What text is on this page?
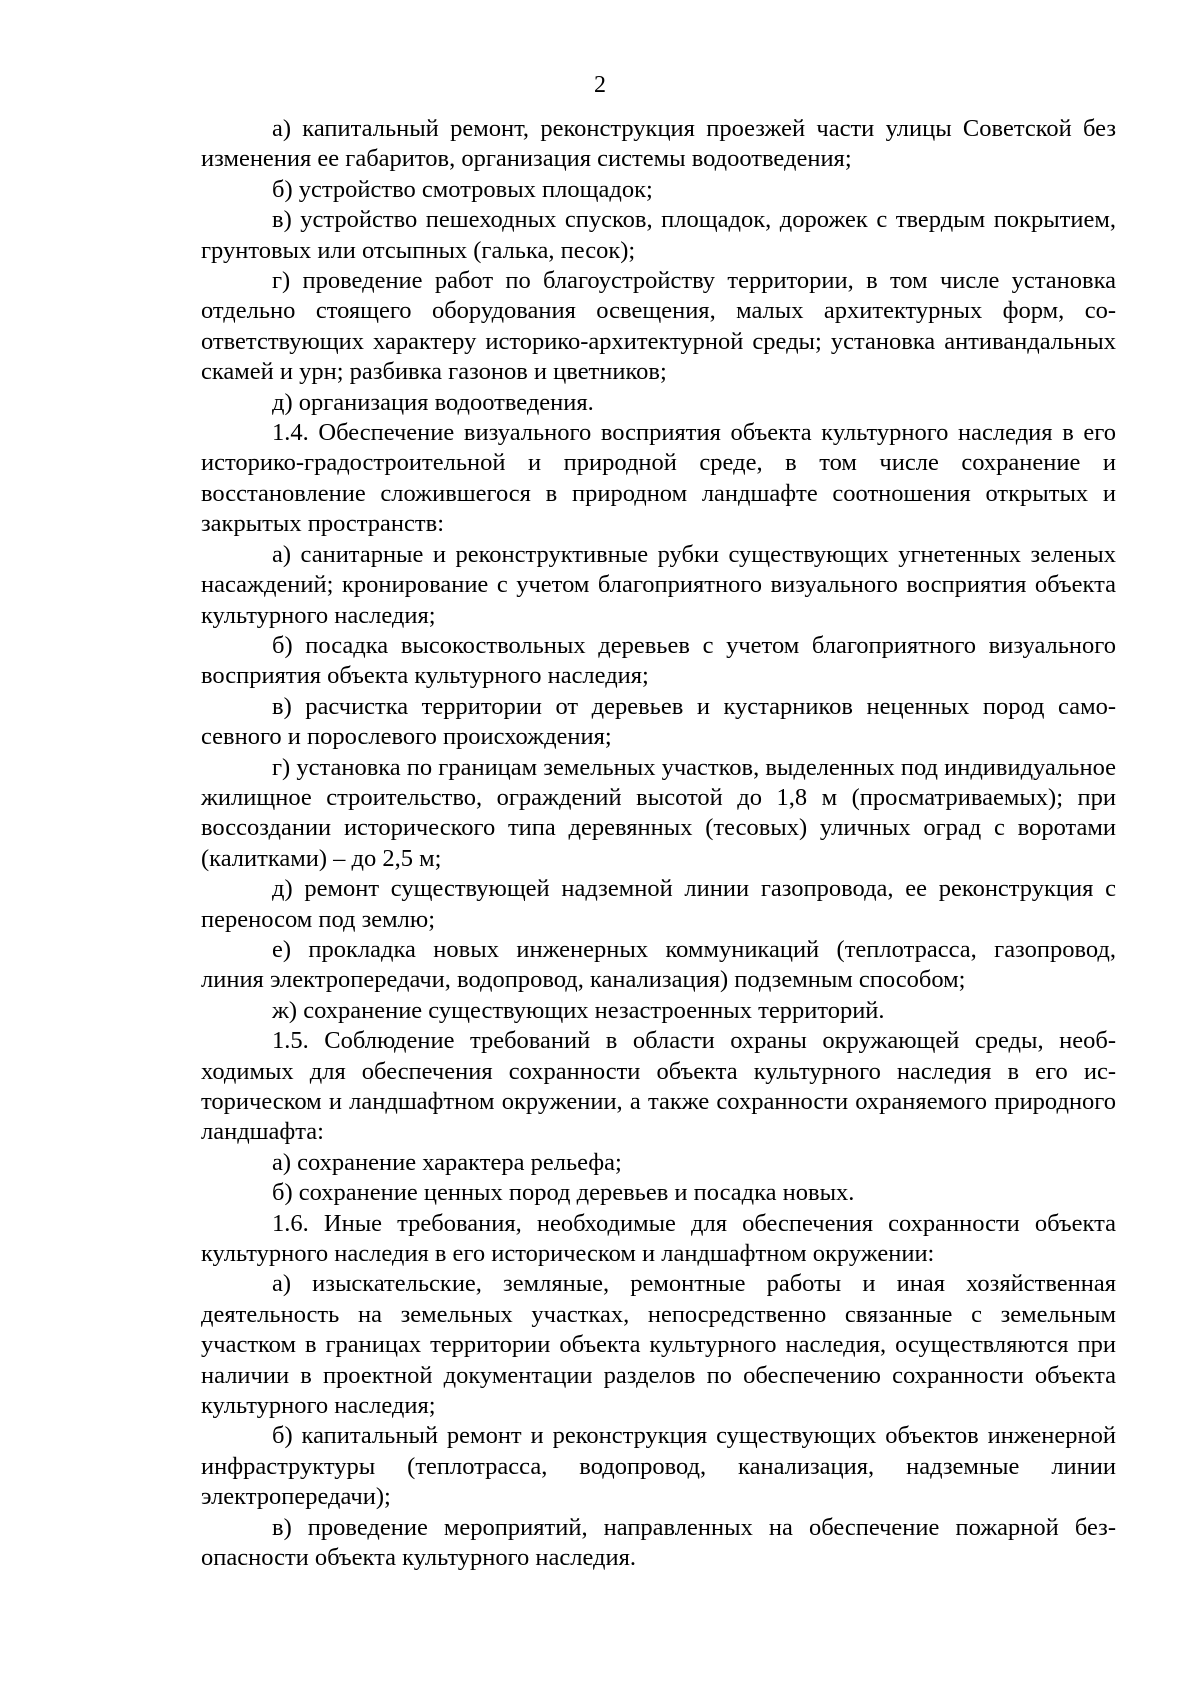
2

а) капитальный ремонт, реконструкция проезжей части улицы Советской без изменения ее габаритов, организация системы водоотведения;

б) устройство смотровых площадок;

в) устройство пешеходных спусков, площадок, дорожек с твердым покрытием, грунтовых или отсыпных (галька, песок);

г) проведение работ по благоустройству территории, в том числе установка отдельно стоящего оборудования освещения, малых архитектурных форм, соответствующих характеру историко-архитектурной среды; установка антивандальных скамей и урн; разбивка газонов и цветников;

д) организация водоотведения.

1.4. Обеспечение визуального восприятия объекта культурного наследия в его историко-градостроительной и природной среде, в том числе сохранение и восстановление сложившегося в природном ландшафте соотношения открытых и закрытых пространств:

а) санитарные и реконструктивные рубки существующих угнетенных зеленых насаждений; кронирование с учетом благоприятного визуального восприятия объекта культурного наследия;

б) посадка высокоствольных деревьев с учетом благоприятного визуального восприятия объекта культурного наследия;

в) расчистка территории от деревьев и кустарников неценных пород самосевного и порослевого происхождения;

г) установка по границам земельных участков, выделенных под индивидуальное жилищное строительство, ограждений высотой до 1,8 м (просматриваемых); при воссоздании исторического типа деревянных (тесовых) уличных оград с воротами (калитками) – до 2,5 м;

д) ремонт существующей надземной линии газопровода, ее реконструкция с переносом под землю;

е) прокладка новых инженерных коммуникаций (теплотрасса, газопровод, линия электропередачи, водопровод, канализация) подземным способом;

ж) сохранение существующих незастроенных территорий.

1.5. Соблюдение требований в области охраны окружающей среды, необходимых для обеспечения сохранности объекта культурного наследия в его историческом и ландшафтном окружении, а также сохранности охраняемого природного ландшафта:

а) сохранение характера рельефа;

б) сохранение ценных пород деревьев и посадка новых.

1.6. Иные требования, необходимые для обеспечения сохранности объекта культурного наследия в его историческом и ландшафтном окружении:

а) изыскательские, земляные, ремонтные работы и иная хозяйственная деятельность на земельных участках, непосредственно связанные с земельным участком в границах территории объекта культурного наследия, осуществляются при наличии в проектной документации разделов по обеспечению сохранности объекта культурного наследия;

б) капитальный ремонт и реконструкция существующих объектов инженерной инфраструктуры (теплотрасса, водопровод, канализация, надземные линии электропередачи);

в) проведение мероприятий, направленных на обеспечение пожарной безопасности объекта культурного наследия.
